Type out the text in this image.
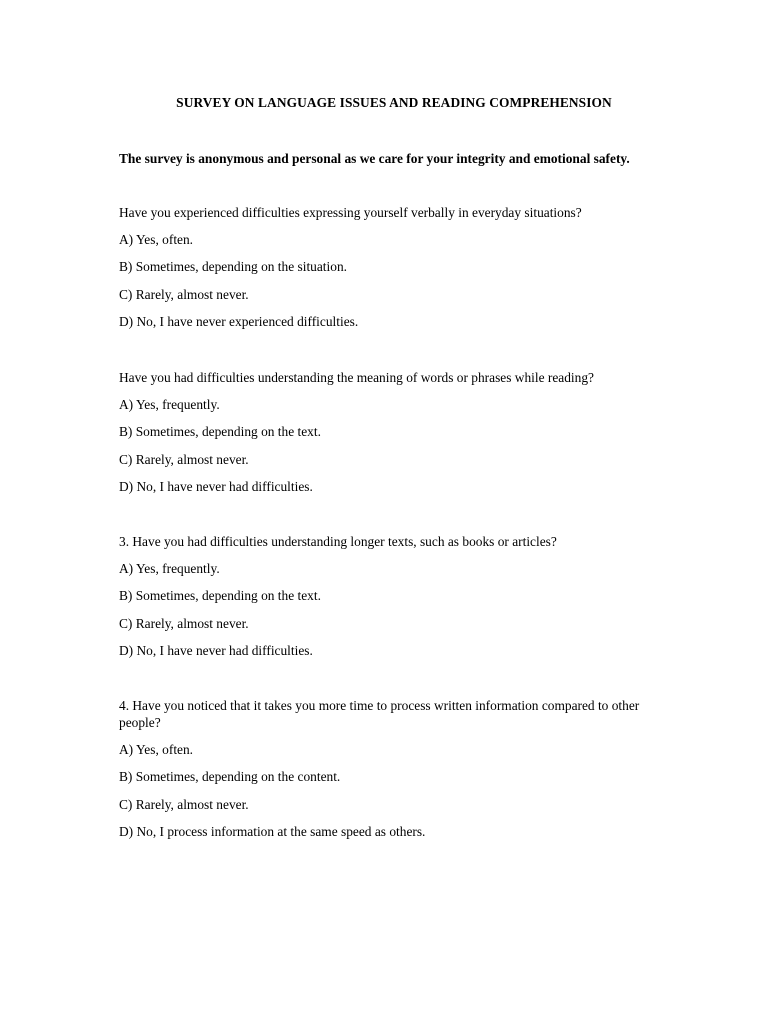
SURVEY ON LANGUAGE ISSUES AND READING COMPREHENSION
The survey is anonymous and personal as we care for your integrity and emotional safety.

Have you experienced difficulties expressing yourself verbally in everyday situations?

A) Yes, often.

B) Sometimes, depending on the situation.

C) Rarely, almost never.

D) No, I have never experienced difficulties.

Have you had difficulties understanding the meaning of words or phrases while reading?

A) Yes, frequently.

B) Sometimes, depending on the text.

C) Rarely, almost never.

D) No, I have never had difficulties.

3. Have you had difficulties understanding longer texts, such as books or articles?

A) Yes, frequently.

B) Sometimes, depending on the text.

C) Rarely, almost never.

D) No, I have never had difficulties.

4. Have you noticed that it takes you more time to process written information compared to other people?

A) Yes, often.

B) Sometimes, depending on the content.

C) Rarely, almost never.

D) No, I process information at the same speed as others.
